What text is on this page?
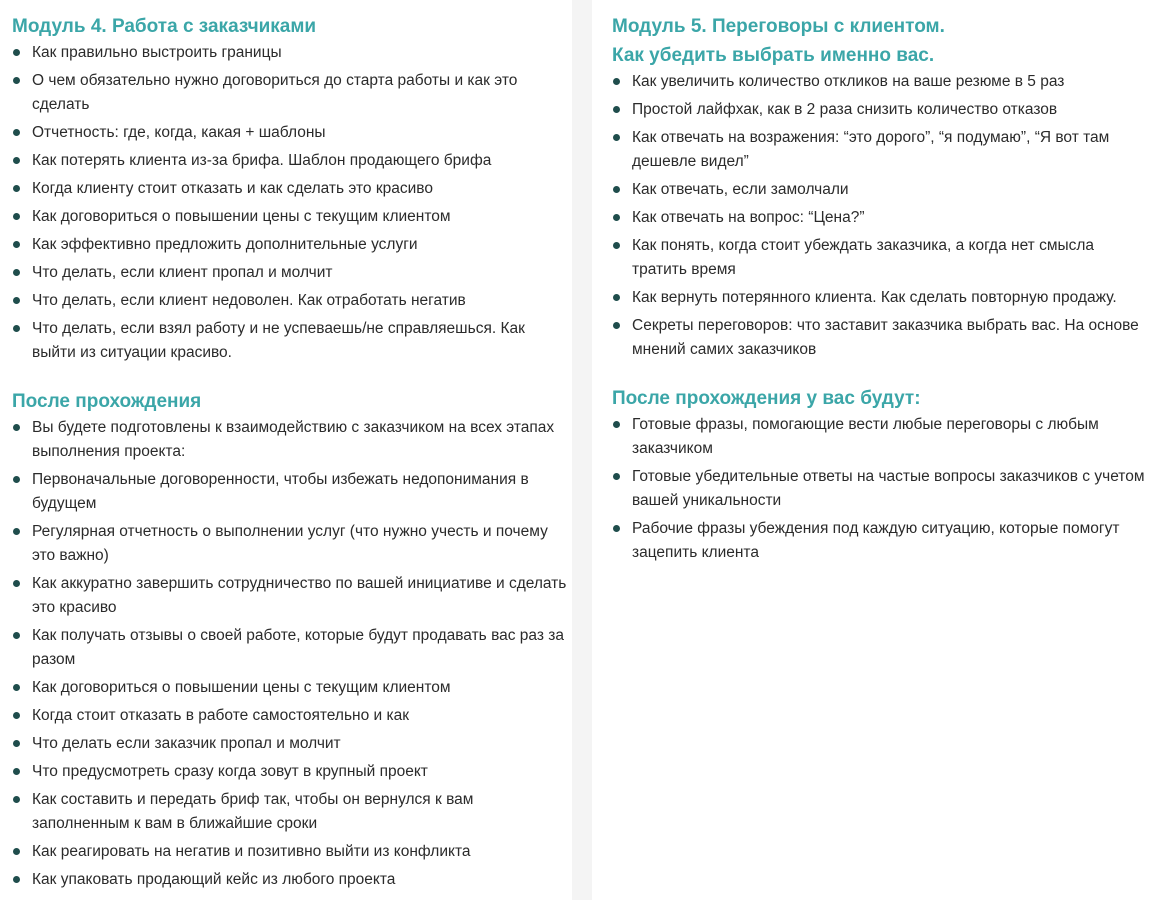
Модуль 4. Работа с заказчиками
Как правильно выстроить границы
О чем обязательно нужно договориться до старта работы и как это сделать
Отчетность: где, когда, какая + шаблоны
Как потерять клиента из-за брифа. Шаблон продающего брифа
Когда клиенту стоит отказать и как сделать это красиво
Как договориться о повышении цены с текущим клиентом
Как эффективно предложить дополнительные услуги
Что делать, если клиент пропал и молчит
Что делать, если клиент недоволен. Как отработать негатив
Что делать, если взял работу и не успеваешь/не справляешься. Как выйти из ситуации красиво.
После прохождения
Вы будете подготовлены к взаимодействию с заказчиком на всех этапах выполнения проекта:
Первоначальные договоренности, чтобы избежать недопонимания в будущем
Регулярная отчетность о выполнении услуг (что нужно учесть и почему это важно)
Как аккуратно завершить сотрудничество по вашей инициативе и сделать это красиво
Как получать отзывы о своей работе, которые будут продавать вас раз за разом
Как договориться о повышении цены с текущим клиентом
Когда стоит отказать в работе самостоятельно и как
Что делать если заказчик пропал и молчит
Что предусмотреть сразу когда зовут в крупный проект
Как составить и передать бриф так, чтобы он вернулся к вам заполненным к вам в ближайшие сроки
Как реагировать на негатив и позитивно выйти из конфликта
Как упаковать продающий кейс из любого проекта
Модуль 5. Переговоры с клиентом.
Как убедить выбрать именно вас.
Как увеличить количество откликов на ваше резюме в 5 раз
Простой лайфхак, как в 2 раза снизить количество отказов
Как отвечать на возражения: “это дорого”, “я подумаю”, “Я вот там дешевле видел”
Как отвечать, если замолчали
Как отвечать на вопрос: “Цена?”
Как понять, когда стоит убеждать заказчика, а когда нет смысла тратить время
Как вернуть потерянного клиента. Как сделать повторную продажу.
Секреты переговоров: что заставит заказчика выбрать вас. На основе мнений самих заказчиков
После прохождения у вас будут:
Готовые фразы, помогающие вести любые переговоры с любым заказчиком
Готовые убедительные ответы на частые вопросы заказчиков с учетом вашей уникальности
Рабочие фразы убеждения под каждую ситуацию, которые помогут зацепить клиента
